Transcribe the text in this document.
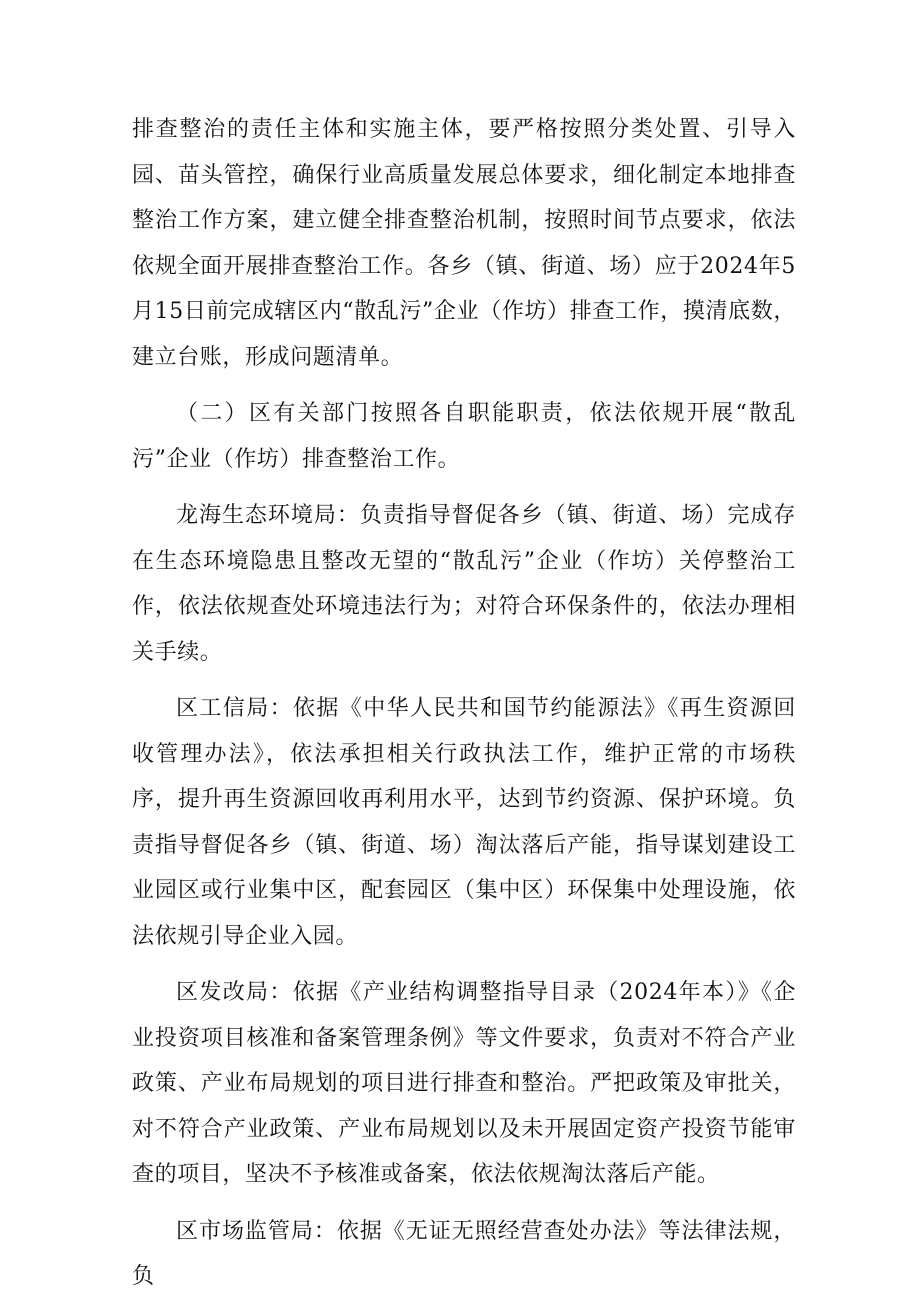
排查整治的责任主体和实施主体，要严格按照分类处置、引导入园、苗头管控，确保行业高质量发展总体要求，细化制定本地排查整治工作方案，建立健全排查整治机制，按照时间节点要求，依法依规全面开展排查整治工作。各乡（镇、街道、场）应于2024年5月15日前完成辖区内“散乱污”企业（作坊）排查工作，摸清底数，建立台账，形成问题清单。

（二）区有关部门按照各自职能职责，依法依规开展“散乱污”企业（作坊）排查整治工作。

龙海生态环境局：负责指导督促各乡（镇、街道、场）完成存在生态环境隐患且整改无望的“散乱污”企业（作坊）关停整治工作，依法依规查处环境违法行为；对符合环保条件的，依法办理相关手续。

区工信局：依据《中华人民共和国节约能源法》《再生资源回收管理办法》，依法承担相关行政执法工作，维护正常的市场秩序，提升再生资源回收再利用水平，达到节约资源、保护环境。负责指导督促各乡（镇、街道、场）淘汰落后产能，指导谋划建设工业园区或行业集中区，配套园区（集中区）环保集中处理设施，依法依规引导企业入园。

区发改局：依据《产业结构调整指导目录（2024年本）》《企业投资项目核准和备案管理条例》等文件要求，负责对不符合产业政策、产业布局规划的项目进行排查和整治。严把政策及审批关，对不符合产业政策、产业布局规划以及未开展固定资产投资节能审查的项目，坚决不予核准或备案，依法依规淘汰落后产能。

区市场监管局：依据《无证无照经营查处办法》等法律法规，负
